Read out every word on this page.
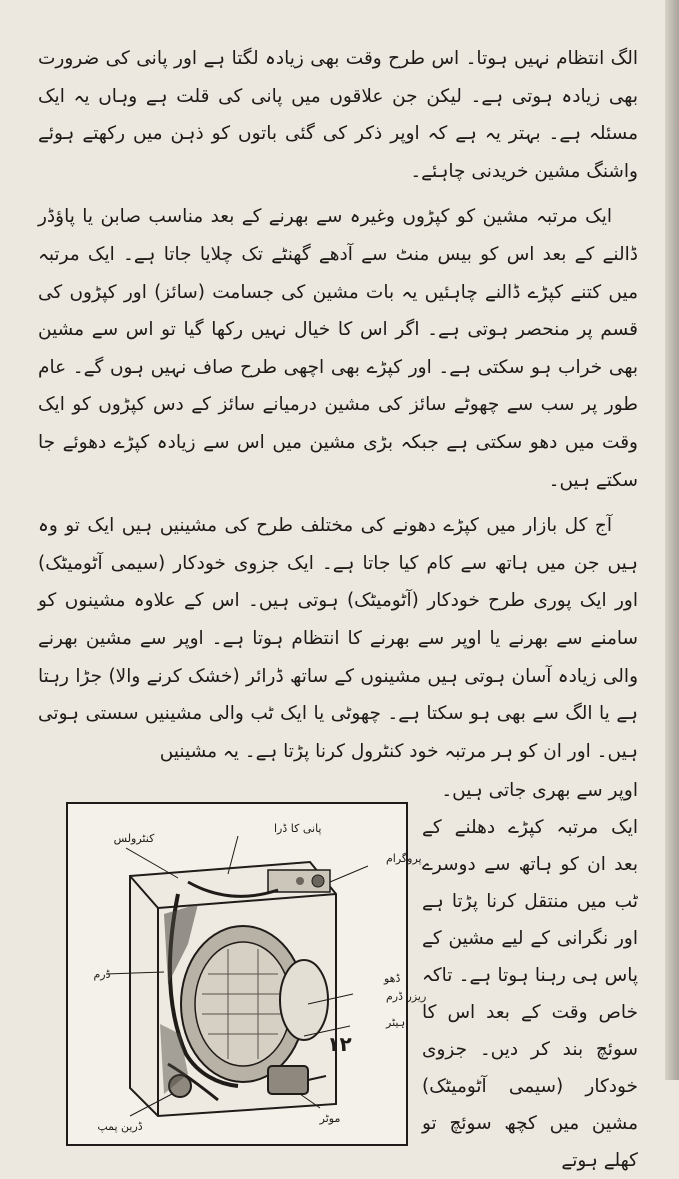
الگ انتظام نہیں ہوتا۔ اس طرح وقت بھی زیادہ لگتا ہے اور پانی کی ضرورت بھی زیادہ ہوتی ہے۔ لیکن جن علاقوں میں پانی کی قلت ہے وہاں یہ ایک مسئلہ ہے۔ بہتر یہ ہے کہ اوپر ذکر کی گئی باتوں کو ذہن میں رکھتے ہوئے واشنگ مشین خریدنی چاہئے۔

ایک مرتبہ مشین کو کپڑوں وغیرہ سے بھرنے کے بعد مناسب صابن یا پاؤڈر ڈالنے کے بعد اس کو بیس منٹ سے آدھے گھنٹے تک چلایا جاتا ہے۔ ایک مرتبہ میں کتنے کپڑے ڈالنے چاہئیں یہ بات مشین کی جسامت (سائز) اور کپڑوں کی قسم پر منحصر ہوتی ہے۔ اگر اس کا خیال نہیں رکھا گیا تو اس سے مشین بھی خراب ہو سکتی ہے۔ اور کپڑے بھی اچھی طرح صاف نہیں ہوں گے۔ عام طور پر سب سے چھوٹے سائز کی مشین درمیانے سائز کے دس کپڑوں کو ایک وقت میں دھو سکتی ہے جبکہ بڑی مشین میں اس سے زیادہ کپڑے دھوئے جا سکتے ہیں۔

آج کل بازار میں کپڑے دھونے کی مختلف طرح کی مشینیں ہیں ایک تو وہ ہیں جن میں ہاتھ سے کام کیا جاتا ہے۔ ایک جزوی خودکار (سیمی آٹومیٹک) اور ایک پوری طرح خودکار (آٹومیٹک) ہوتی ہیں۔ اس کے علاوہ مشینوں کو سامنے سے بھرنے یا اوپر سے بھرنے کا انتظام ہوتا ہے۔ اوپر سے مشین بھرنے والی زیادہ آسان ہوتی ہیں مشینوں کے ساتھ ڈرائر (خشک کرنے والا) جڑا رہتا ہے یا الگ سے بھی ہو سکتا ہے۔ چھوٹی یا ایک ٹب والی مشینیں سستی ہوتی ہیں۔ اور ان کو ہر مرتبہ خود کنٹرول کرنا پڑتا ہے۔ یہ مشینیں

اوپر سے بھری جاتی ہیں۔
ایک مرتبہ کپڑے دھلنے کے بعد ان کو ہاتھ سے دوسرے ٹب میں منتقل کرنا پڑتا ہے اور نگرانی کے لیے مشین کے پاس ہی رہنا ہوتا ہے۔ تاکہ خاص وقت کے بعد اس کا سوئچ بند کر دیں۔ جزوی خودکار (سیمی آٹومیٹک) مشین میں کچھ سوئچ تو کھلے ہوتے
پانی کا ڈرا
کنٹرولس
پروگرام
ڈرم	ڈھو
ریزر ڈرم
ہیٹر
موٹر
ڈرین پمپ
۱۲
